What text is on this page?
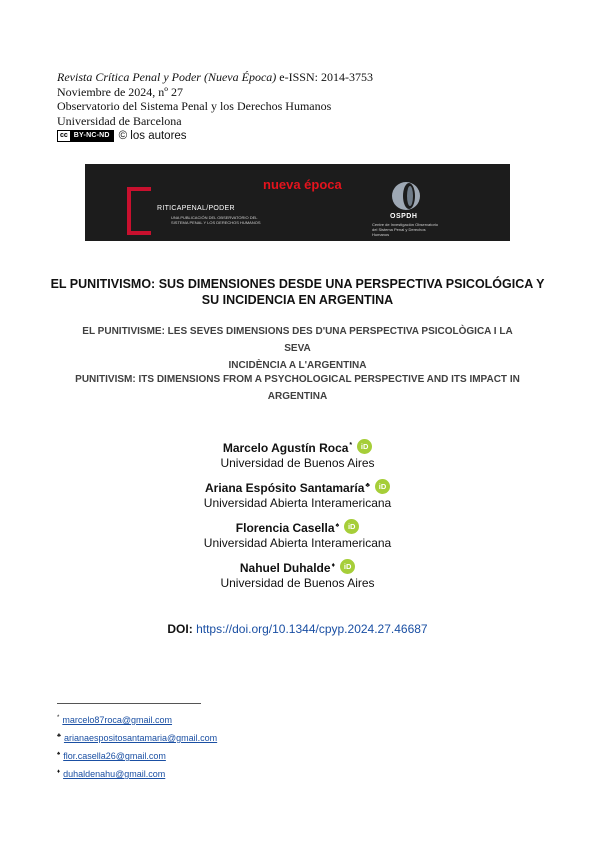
Revista Crítica Penal y Poder (Nueva Época) e-ISSN: 2014-3753
Noviembre de 2024, nº 27
Observatorio del Sistema Penal y los Derechos Humanos
Universidad de Barcelona
cc BY-NC-ND © los autores
RITICAPENAL/PODER
UNA PUBLICACIÓN DEL OBSERVATORIO DEL SISTEMA PENAL Y LOS DERECHOS HUMANOS
nueva época
OSPDH
Centre de Investigación Observatorio del Sistema Penal y Derechos Humanos
EL PUNITIVISMO: SUS DIMENSIONES DESDE UNA PERSPECTIVA PSICOLÓGICA Y
SU INCIDENCIA EN ARGENTINA
EL PUNITIVISME: LES SEVES DIMENSIONS DES D'UNA PERSPECTIVA PSICOLÒGICA I LA SEVA
INCIDÈNCIA A L'ARGENTINA
PUNITIVISM: ITS DIMENSIONS FROM A PSYCHOLOGICAL PERSPECTIVE AND ITS IMPACT IN
ARGENTINA
Marcelo Agustín Roca* iD
Universidad de Buenos Aires
Ariana Espósito Santamaría♣ iD
Universidad Abierta Interamericana
Florencia Casella♠ iD
Universidad Abierta Interamericana
Nahuel Duhalde♦ iD
Universidad de Buenos Aires
DOI: https://doi.org/10.1344/cpyp.2024.27.46687
* marcelo87roca@gmail.com
♣ arianaespositosantamaria@gmail.com
♠ flor.casella26@gmail.com
♦ duhaldenahu@gmail.com
